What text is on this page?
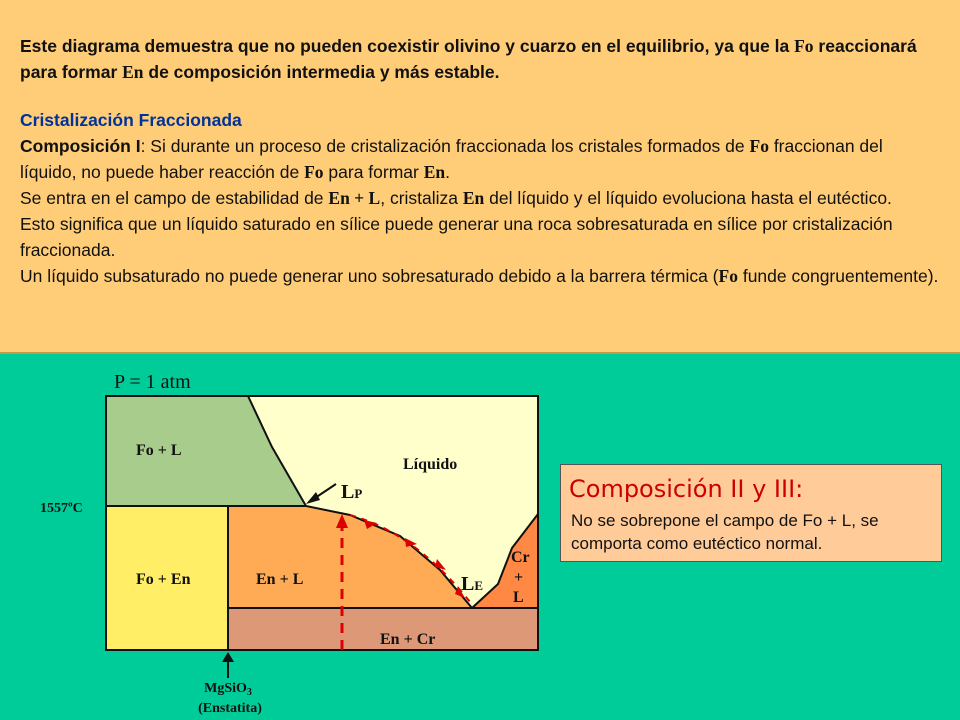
Este diagrama demuestra que no pueden coexistir olivino y cuarzo en el equilibrio, ya que la Fo reaccionará para formar En de composición intermedia y más estable.

Cristalización Fraccionada

Composición I: Si durante un proceso de cristalización fraccionada los cristales formados de Fo fraccionan del líquido, no puede haber reacción de Fo para formar En.
Se entra en el campo de estabilidad de En + L, cristaliza En del líquido y el líquido evoluciona hasta el eutéctico.
Esto significa que un líquido saturado en sílice puede generar una roca sobresaturada en sílice por cristalización fraccionada.
Un líquido subsaturado no puede generar uno sobresaturado debido a la barrera térmica (Fo funde congruentemente).

P = 1 atm
Fo + L
Líquido
Fo + En	En + L
Cr
+
L
En + Cr
LP
LE
1557ºC
MgSiO$_3$
(Enstatita)
Composición II y III:
No se sobrepone el campo de Fo + L, se comporta como eutéctico normal.
